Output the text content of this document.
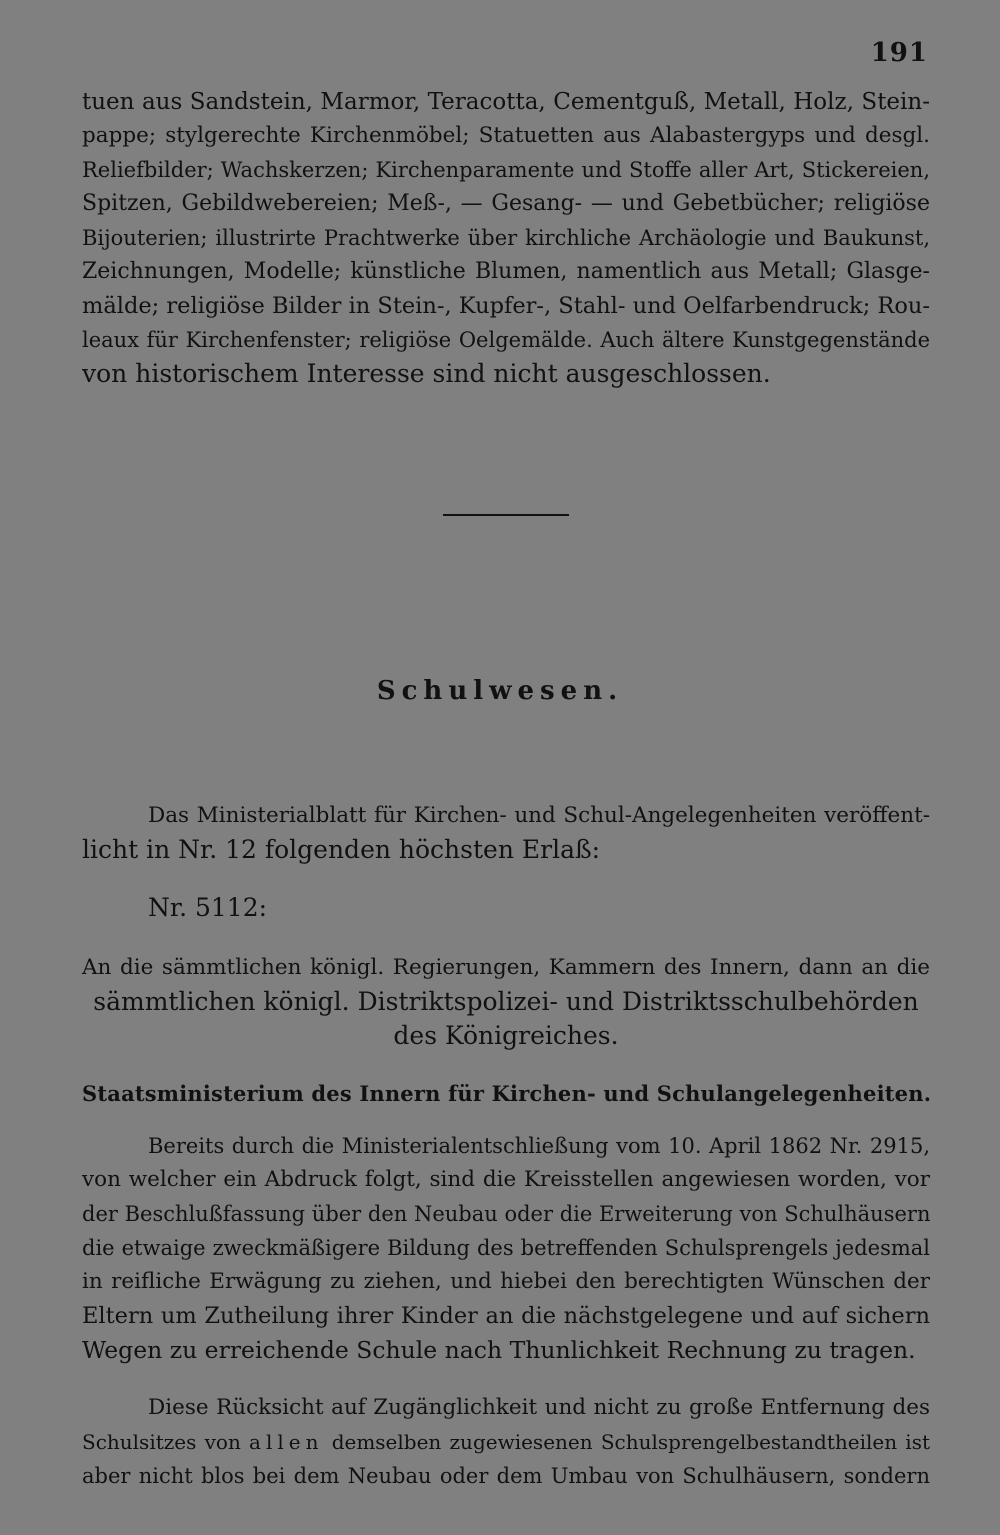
191
tuen aus Sandstein, Marmor, Teracotta, Cementguß, Metall, Holz, Stein-
pappe; stylgerechte Kirchenmöbel; Statuetten aus Alabastergyps und desgl.
Reliefbilder; Wachskerzen; Kirchenparamente und Stoffe aller Art, Stickereien,
Spitzen, Gebildwebereien; Meß-, — Gesang- — und Gebetbücher; religiöse
Bijouterien; illustrirte Prachtwerke über kirchliche Archäologie und Baukunst,
Zeichnungen, Modelle; künstliche Blumen, namentlich aus Metall; Glasge-
mälde; religiöse Bilder in Stein-, Kupfer-, Stahl- und Oelfarbendruck; Rou-
leaux für Kirchenfenster; religiöse Oelgemälde. Auch ältere Kunstgegenstände
von historischem Interesse sind nicht ausgeschlossen.
Schulwesen.
Das Ministerialblatt für Kirchen- und Schul-Angelegenheiten veröffent-
licht in Nr. 12 folgenden höchsten Erlaß:
Nr. 5112:
An die sämmtlichen königl. Regierungen, Kammern des Innern, dann an die
sämmtlichen königl. Distriktspolizei- und Distriktsschulbehörden
des Königreiches.
Staatsministerium des Innern für Kirchen- und Schulangelegenheiten.
Bereits durch die Ministerialentschließung vom 10. April 1862 Nr. 2915,
von welcher ein Abdruck folgt, sind die Kreisstellen angewiesen worden, vor
der Beschlußfassung über den Neubau oder die Erweiterung von Schulhäusern
die etwaige zweckmäßigere Bildung des betreffenden Schulsprengels jedesmal
in reifliche Erwägung zu ziehen, und hiebei den berechtigten Wünschen der
Eltern um Zutheilung ihrer Kinder an die nächstgelegene und auf sichern
Wegen zu erreichende Schule nach Thunlichkeit Rechnung zu tragen.
Diese Rücksicht auf Zugänglichkeit und nicht zu große Entfernung des
Schulsitzes von allen demselben zugewiesenen Schulsprengelbestandtheilen ist
aber nicht blos bei dem Neubau oder dem Umbau von Schulhäusern, sondern
